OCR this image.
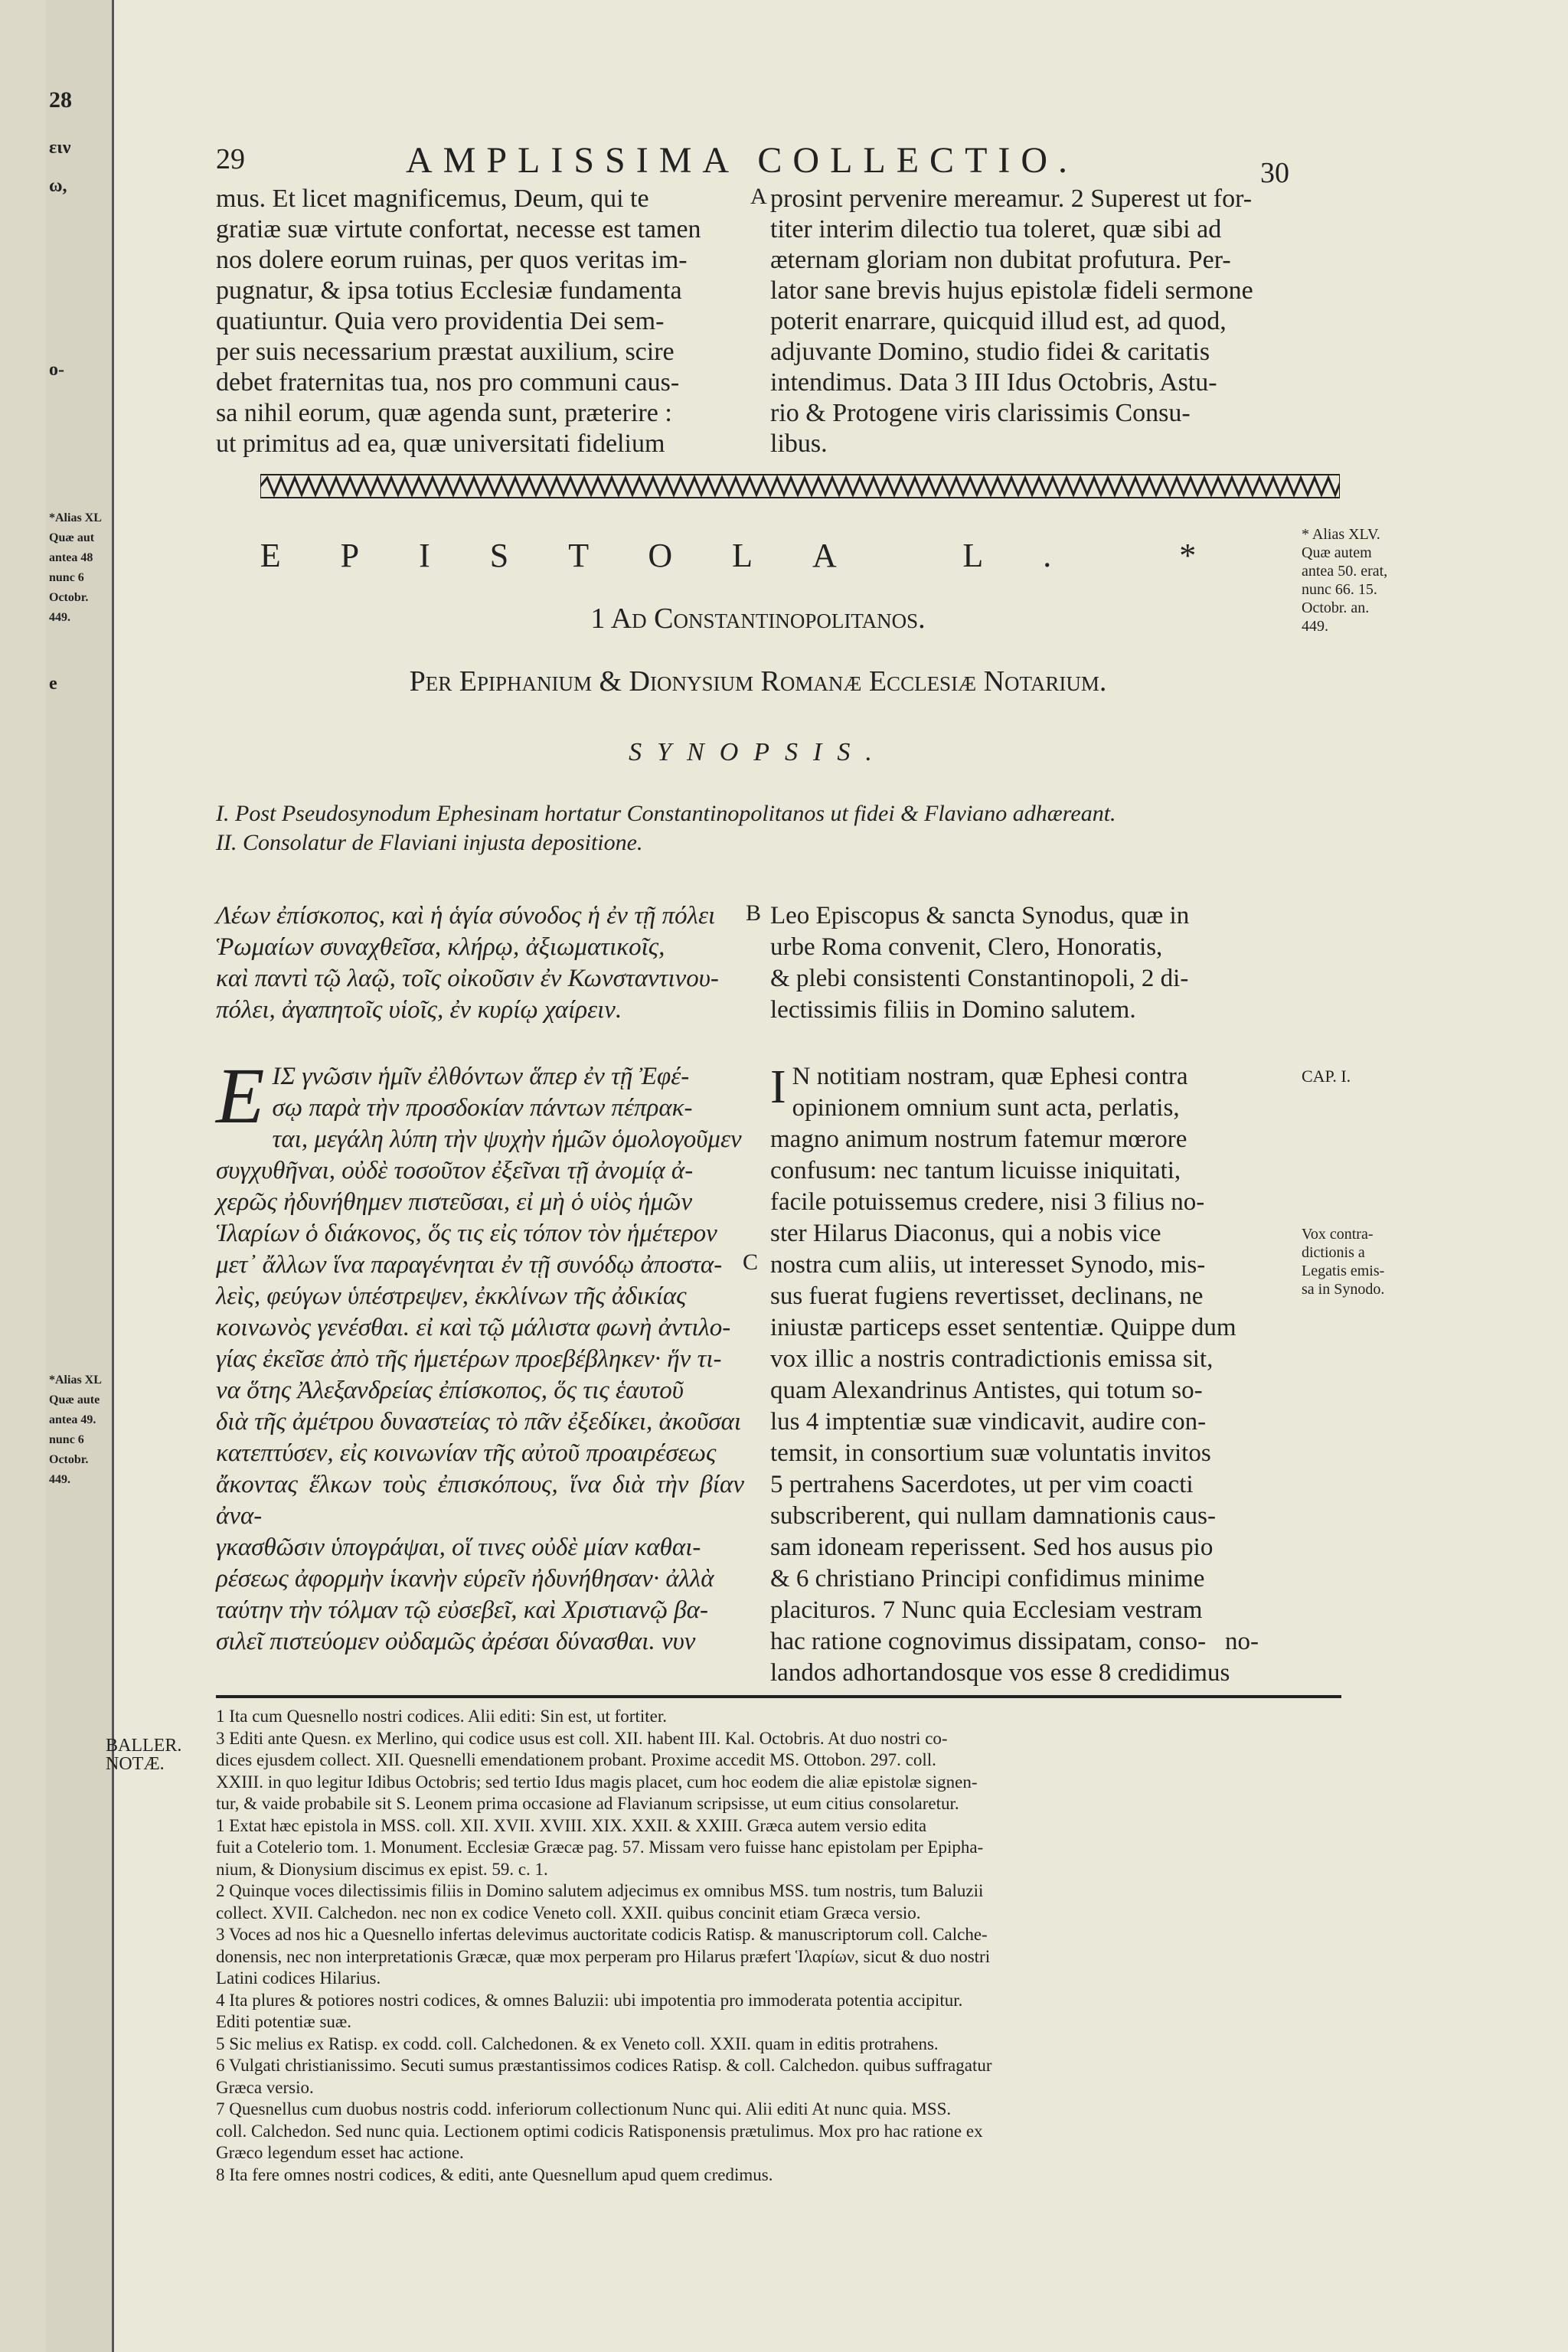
28
ειν
ω,
o-
*Alias XL
Quæ aut
antea 48
nunc 6
Octobr.
449.
e
*Alias XL
Quæ aute
antea 49.
nunc 6
Octobr.
449.
29	AMPLISSIMA COLLECTIO.	30
mus. Et licet magnificemus, Deum, qui te
gratiæ suæ virtute confortat, necesse est tamen
nos dolere eorum ruinas, per quos veritas im-
pugnatur, & ipsa totius Ecclesiæ fundamenta
quatiuntur. Quia vero providentia Dei sem-
per suis necessarium præstat auxilium, scire
debet fraternitas tua, nos pro communi caus-
sa nihil eorum, quæ agenda sunt, præterire :
ut primitus ad ea, quæ universitati fidelium
A prosint pervenire mereamur. 2 Superest ut for-
titer interim dilectio tua toleret, quæ sibi ad
æternam gloriam non dubitat profutura. Per-
lator sane brevis hujus epistolæ fideli sermone
poterit enarrare, quicquid illud est, ad quod,
adjuvante Domino, studio fidei & caritatis
intendimus. Data 3 III Idus Octobris, Astu-
rio & Protogene viris clarissimis Consu-
libus.
EPISTOLA L. *
1 Ad Constantinopolitanos.
Per Epiphanium & Dionysium Romanæ Ecclesiæ Notarium.
SYNOPSIS.
I. Post Pseudosynodum Ephesinam hortatur Constantinopolitanos ut fidei & Flaviano adhæreant.
II. Consolatur de Flaviani injusta depositione.
* Alias XLV.
Quæ autem
antea 50. erat,
nunc 66. 15.
Octobr. an.
449.
Λέων ἐπίσκοπος, καὶ ἡ ἁγία σύνοδος ἡ ἐν τῇ πόλει
Ῥωμαίων συναχθεῖσα, κλήρῳ, ἀξιωματικοῖς,
καὶ παντὶ τῷ λαῷ, τοῖς οἰκοῦσιν ἐν Κωνσταντινου-
πόλει, ἀγαπητοῖς υἱοῖς, ἐν κυρίῳ χαίρειν.
B Leo Episcopus & sancta Synodus, quæ in
urbe Roma convenit, Clero, Honoratis,
& plebi consistenti Constantinopoli, 2 di-
lectissimis filiis in Domino salutem.
Ε ΙΣ γνῶσιν ἡμῖν ἐλθόντων ἅπερ ἐν τῇ Ἐφέ-
σῳ παρὰ τὴν προσδοκίαν πάντων πέπρακ-
ται, μεγάλη λύπη τὴν ψυχὴν ἡμῶν ὁμολογοῦμεν
συγχυθῆναι, οὐδὲ τοσοῦτον ἐξεῖναι τῇ ἀνομίᾳ ἀ-
χερῶς ἠδυνήθημεν πιστεῦσαι, εἰ μὴ ὁ υἱὸς ἡμῶν
Ἱλαρίων ὁ διάκονος, ὅς τις εἰς τόπον τὸν ἡμέτερον
μετ᾽ ἄλλων ἵνα παραγένηται ἐν τῇ συνόδῳ ἀποστα-
λεὶς, φεύγων ὑπέστρεψεν, ἐκκλίνων τῆς ἀδικίας
κοινωνὸς γενέσθαι. εἰ καὶ τῷ μάλιστα φωνὴ ἀντιλο-
γίας ἐκεῖσε ἀπὸ τῆς ἡμετέρων προεβέβληκεν· ἥν τι-
να ὅτης Ἀλεξανδρείας ἐπίσκοπος, ὅς τις ἑαυτοῦ
διὰ τῆς ἀμέτρου δυναστείας τὸ πᾶν ἐξεδίκει, ἀκοῦσαι
κατεπτύσεν, εἰς κοινωνίαν τῆς αὐτοῦ προαιρέσεως
ἄκοντας ἕλκων τοὺς ἐπισκόπους, ἵνα διὰ τὴν βίαν ἀνα-
γκασθῶσιν ὑπογράψαι, οἵ τινες οὐδὲ μίαν καθαι-
ρέσεως ἀφορμὴν ἱκανὴν εὑρεῖν ἠδυνήθησαν· ἀλλὰ
ταύτην τὴν τόλμαν τῷ εὐσεβεῖ, καὶ Χριστιανῷ βα-
σιλεῖ πιστεύομεν οὐδαμῶς ἀρέσαι δύνασθαι. νυν
C
I N notitiam nostram, quæ Ephesi contra
opinionem omnium sunt acta, perlatis,
magno animum nostrum fatemur mœrore
confusum: nec tantum licuisse iniquitati,
facile potuissemus credere, nisi 3 filius no-
ster Hilarus Diaconus, qui a nobis vice
nostra cum aliis, ut interesset Synodo, mis-
sus fuerat fugiens revertisset, declinans, ne
iniustæ particeps esset sententiæ. Quippe dum
vox illic a nostris contradictionis emissa sit,
quam Alexandrinus Antistes, qui totum so-
lus 4 imptentiæ suæ vindicavit, audire con-
temsit, in consortium suæ voluntatis invitos
5 pertrahens Sacerdotes, ut per vim coacti
subscriberent, qui nullam damnationis caus-
sam idoneam reperissent. Sed hos ausus pio
& 6 christiano Principi confidimus minime
placituros. 7 Nunc quia Ecclesiam vestram
hac ratione cognovimus dissipatam, conso-
landos adhortandosque vos esse 8 credidimus
no-
CAP. I.
Vox contra-
dictionis a
Legatis emis-
sa in Synodo.
BALLER.
NOTÆ.
1 Ita cum Quesnello nostri codices. Alii editi: Sin est, ut fortiter.
3 Editi ante Quesn. ex Merlino, qui codice usus est coll. XII. habent III. Kal. Octobris. At duo nostri co-
dices ejusdem collect. XII. Quesnelli emendationem probant. Proxime accedit MS. Ottobon. 297. coll.
XXIII. in quo legitur Idibus Octobris; sed tertio Idus magis placet, cum hoc eodem die aliæ epistolæ signen-
tur, & vaide probabile sit S. Leonem prima occasione ad Flavianum scripsisse, ut eum citius consolaretur.
1 Extat hæc epistola in MSS. coll. XII. XVII. XVIII. XIX. XXII. & XXIII. Græca autem versio edita
fuit a Cotelerio tom. 1. Monument. Ecclesiæ Græcæ pag. 57. Missam vero fuisse hanc epistolam per Epipha-
nium, & Dionysium discimus ex epist. 59. c. 1.
2 Quinque voces dilectissimis filiis in Domino salutem adjecimus ex omnibus MSS. tum nostris, tum Baluzii
collect. XVII. Calchedon. nec non ex codice Veneto coll. XXII. quibus concinit etiam Græca versio.
3 Voces ad nos hic a Quesnello infertas delevimus auctoritate codicis Ratisp. & manuscriptorum coll. Calche-
donensis, nec non interpretationis Græcæ, quæ mox perperam pro Hilarus præfert Ἱλαρίων, sicut & duo nostri
Latini codices Hilarius.
4 Ita plures & potiores nostri codices, & omnes Baluzii: ubi impotentia pro immoderata potentia accipitur.
Editi potentiæ suæ.
5 Sic melius ex Ratisp. ex codd. coll. Calchedonen. & ex Veneto coll. XXII. quam in editis protrahens.
6 Vulgati christianissimo. Secuti sumus præstantissimos codices Ratisp. & coll. Calchedon. quibus suffragatur
Græca versio.
7 Quesnellus cum duobus nostris codd. inferiorum collectionum Nunc qui. Alii editi At nunc quia. MSS.
coll. Calchedon. Sed nunc quia. Lectionem optimi codicis Ratisponensis prætulimus. Mox pro hac ratione ex
Græco legendum esset hac actione.
8 Ita fere omnes nostri codices, & editi, ante Quesnellum apud quem credimus.
